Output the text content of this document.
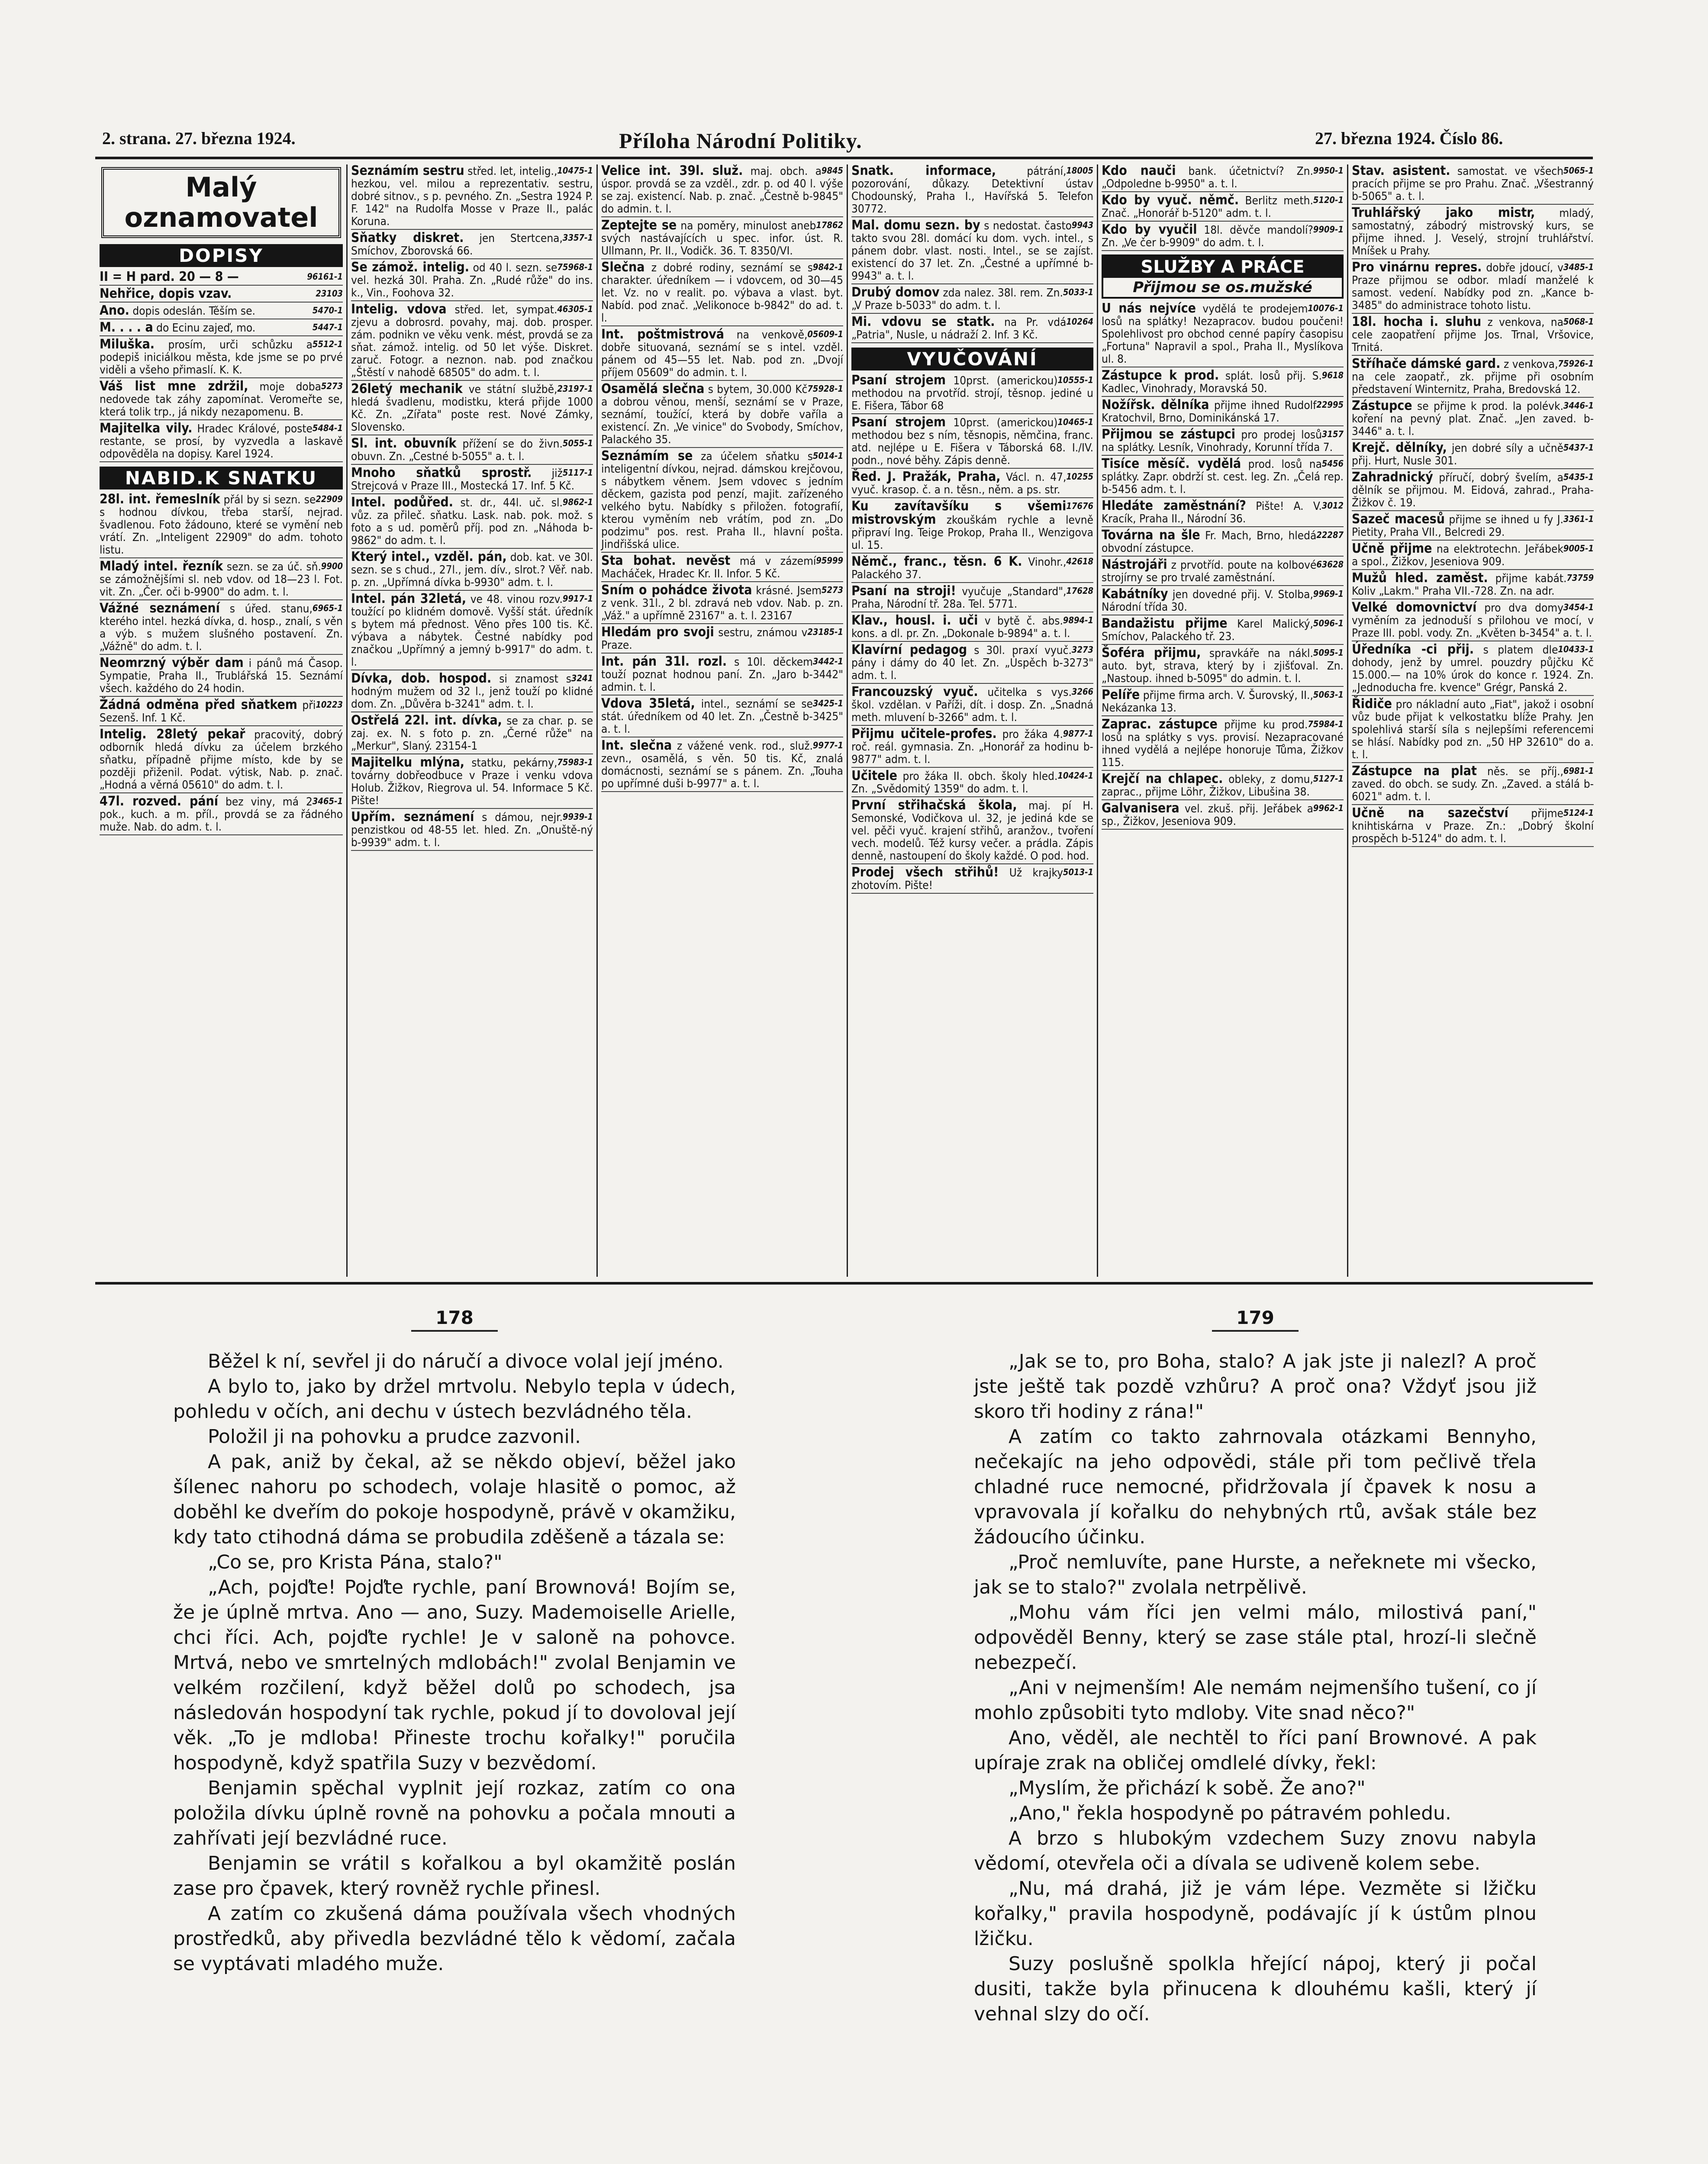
2. strana. 27. března 1924.	Příloha Národní Politiky.	27. března 1924. Číslo 86.
Malý oznamovatel
DOPISY
96161-1
II = H pard. 20 — 8 —
23103
Nehřice, dopis vzav.
5470-1
Ano. dopis odeslán. Těším se.
5447-1
M. . . . a do Ecinu zajeď, mo.
5512-1
Miluška. prosím, urči schůzku a podepiš iniciálkou města, kde jsme se po prvé viděli a všeho přimaslí. K. K.
5273
Váš list mne zdržil, moje doba nedovede tak záhy zapomínat. Veromeřte se, která tolik trp., já nikdy nezapomenu. B.
5484-1
Majitelka vily. Hradec Králové, poste restante, se prosí, by vyzvedla a laskavě odpověděla na dopisy. Karel 1924.
NABID.K SNATKU
22909
28l. int. řemeslník přál by si sezn. se s hodnou dívkou, třeba starší, nejrad. švadlenou. Foto žádouno, které se vymění neb vrátí. Zn. „Inteligent 22909" do adm. tohoto listu.
9900
Mladý intel. řezník sezn. se za úč. sň. se zámožnějšími sl. neb vdov. od 18—23 l. Fot. vit. Zn. „Čer. oči b-9900" do adm. t. l.
6965-1
Vážné seznámení s úřed. stanu, kterého intel. hezká dívka, d. hosp., znalí, s věn a výb. s mužem slušného postavení. Zn. „Vážně" do adm. t. l.
Neomrzný výběr dam i pánů má Časop. Sympatie, Praha II., Trublářská 15. Seznámí všech. každého do 24 hodin.
10223
Žádná odměna před sňatkem při Sezenš. Inf. 1 Kč.
Intelig. 28letý pekař pracovitý, dobrý odborník hledá dívku za účelem brzkého sňatku, případně přijme místo, kde by se později přiženil. Podat. výtisk, Nab. p. znač. „Hodná a věrná 05610" do adm. t. l.
3465-1
47l. rozved. pání bez viny, má 2 pok., kuch. a m. příl., provdá se za řádného muže. Nab. do adm. t. l.
10475-1
Seznámím sestru střed. let, intelig., hezkou, vel. milou a reprezentativ. sestru, dobré sitnov., s p. pevného. Zn. „Sestra 1924 P. F. 142" na Rudolfa Mosse v Praze II., palác Koruna.
3357-1
Sňatky diskret. jen Stertcena, Smíchov, Zborovská 66.
75968-1
Se zámož. intelig. od 40 l. sezn. se vel. hezká 30l. Praha. Zn. „Rudé růže" do ins. k., Vin., Foohova 32.
46305-1
Intelig. vdova střed. let, sympat. zjevu a dobrosrd. povahy, maj. dob. prosper. zám. podnikn ve věku venk. mést, provdá se za sňat. zámož. intelig. od 50 let výše. Diskret. zaruč. Fotogr. a neznon. nab. pod značkou „Štěstí v nahodě 68505" do adm. t. l.
23197-1
26letý mechanik ve státní službě, hledá švadlenu, modistku, která přijde 1000 Kč. Zn. „Zířata" poste rest. Nové Zámky, Slovensko.
5055-1
Sl. int. obuvník přížení se do živn. obuvn. Zn. „Cestné b-5055" a. t. l.
5117-1
Mnoho sňatků sprostř. již Strejcová v Praze III., Mostecká 17. Inf. 5 Kč.
9862-1
Intel. podůřed. st. dr., 44l. uč. sl. vůz. za přileč. sňatku. Lask. nab. pok. mož. s foto a s ud. poměrů příj. pod zn. „Náhoda b-9862" do adm. t. l.
Který intel., vzděl. pán, dob. kat. ve 30l. sezn. se s chud., 27l., jem. dív., slrot.? Věř. nab. p. zn. „Upřímná dívka b-9930" adm. t. l.
9917-1
Intel. pán 32letá, ve 48. vinou rozv. toužící po klidném domově. Vyšší stát. úředník s bytem má přednost. Věno přes 100 tis. Kč. výbava a nábytek. Čestné nabídky pod značkou „Upřímný a jemný b-9917" do adm. t. l.
3241
Dívka, dob. hospod. si znamost s hodným mužem od 32 l., jenž touží po klidné dom. Zn. „Důvěra b-3241" adm. t. l.
Ostřelá 22l. int. dívka, se za char. p. se zaj. ex. N. s foto p. zn. „Černé růže" na „Merkur", Slaný. 23154-1
75983-1
Majitelku mlýna, statku, pekárny, továrny dobřeodbuce v Praze i venku vdova Holub. Žižkov, Riegrova ul. 54. Informace 5 Kč. Pište!
9939-1
Upřím. seznámení s dámou, nejr. penzistkou od 48-55 let. hled. Zn. „Onuště-ný b-9939" adm. t. l.
9845
Velice int. 39l. služ. maj. obch. a úspor. provdá se za vzděl., zdr. p. od 40 l. výše se zaj. existencí. Nab. p. znač. „Čestně b-9845" do admin. t. l.
17862
Zeptejte se na poměry, minulost aneb svých nastávajících u spec. infor. úst. R. Ullmann, Pr. II., Vodičk. 36. T. 8350/VI.
9842-1
Slečna z dobré rodiny, seznámí se s charakter. úředníkem — i vdovcem, od 30—45 let. Vz. no v realit. po. výbava a vlast. byt. Nabíd. pod znač. „Velikonoce b-9842" do ad. t. l.
05609-1
Int. poštmistrová na venkově, dobře situovaná, seznámí se s intel. vzděl. pánem od 45—55 let. Nab. pod zn. „Dvojí příjem 05609" do admin. t. l.
75928-1
Osamělá slečna s bytem, 30.000 Kč a dobrou věnou, menší, seznámí se v Praze, seznámí, toužící, která by dobře vaříla a existencí. Zn. „Ve vinice" do Svobody, Smíchov, Palackého 35.
5014-1
Seznámím se za účelem sňatku s inteligentní dívkou, nejrad. dámskou krejčovou, s nábytkem věnem. Jsem vdovec s jedním děckem, gazista pod penzí, majit. zařízeného velkého bytu. Nabídky s přiložen. fotografií, kterou vyměním neb vrátím, pod zn. „Do podzimu" pos. rest. Praha II., hlavní pošta. Jindřišská ulice.
95999
Sta bohat. nevěst má v zázemí Macháček, Hradec Kr. II. Infor. 5 Kč.
5273
Sním o pohádce života krásné. Jsem z venk. 31l., 2 bl. zdravá neb vdov. Nab. p. zn. „Váž." a upřímně 23167" a. t. l. 23167
23185-1
Hledám pro svoji sestru, známou v Praze.
3442-1
Int. pán 31l. rozl. s 10l. děckem touží poznat hodnou paní. Zn. „Jaro b-3442" admin. t. l.
3425-1
Vdova 35letá, intel., seznámí se se stát. úředníkem od 40 let. Zn. „Čestně b-3425" a. t. l.
9977-1
Int. slečna z vážené venk. rod., služ. zevn., osamělá, s věn. 50 tis. Kč, znalá domácnosti, seznámí se s pánem. Zn. „Touha po upřímné duši b-9977" a. t. l.
18005
Snatk. informace,	pátrání, pozorování, důkazy. Detektivní ústav Chodounský, Praha I., Havířská 5. Telefon 30772.
9943
Mal. domu sezn. by s nedostat. často takto svou 28l. domácí ku dom. vych. intel., s pánem dobr. vlast. nosti. Intel., se se zajíst. existencí do 37 let. Zn. „Čestné a upřímné b-9943" a. t. l.
5033-1
Drubý domov zda nalez. 38l. rem. Zn. „V Praze b-5033" do adm. t. l.
10264
Mi. vdovu se statk. na Pr. vdá „Patria", Nusle, u nádraží 2. Inf. 3 Kč.
VYUČOVÁNÍ
10555-1
Psaní strojem 10prst. (americkou) methodou na prvotříd. strojí, těsnop. jediné u E. Fišera, Tábor 68
10465-1
Psaní strojem 10prst. (americkou) methodou bez s ním, těsnopis, němčina, franc. atd. nejlépe u E. Fišera v Táborská 68. I./IV. podn., nové běhy. Zápis denně.
10255
Řed. J. Pražák, Praha, Václ. n. 47, vyuč. krasop. č. a n. těsn., něm. a ps. str.
17676
Ku zavítavšíku s všemi mistrovským zkouškám rychle a levně připraví Ing. Teige Prokop, Praha II., Wenzigova ul. 15.
42618
Němč., franc., těsn. 6 K. Vinohr., Palackého 37.
17628
Psaní na stroji! vyučuje „Standard", Praha, Národní tř. 28a. Tel. 5771.
9894-1
Klav., housl. i. uči v bytě č. abs. kons. a dl. pr. Zn. „Dokonale b-9894" a. t. l.
3273
Klavírní pedagog s 30l. praxí vyuč. pány i dámy do 40 let. Zn. „Úspěch b-3273" adm. t. l.
3266
Francouzský vyuč. učitelka s vys. škol. vzdělan. v Paříži, dít. i dosp. Zn. „Snadná meth. mluvení b-3266" adm. t. l.
9877-1
Přijmu učitele-profes. pro žáka 4. roč. reál. gymnasia. Zn. „Honorář za hodinu b-9877" adm. t. l.
10424-1
Učitele pro žáka II. obch. školy hled. Zn. „Svědomitý 1359" do adm. t. l.
První střihačská škola, maj. pí H. Semonské, Vodičkova ul. 32, je jediná kde se vel. pěči vyuč. krajení střihů, aranžov., tvoření vech. modelů. Též kursy večer. a prádla. Zápis denně, nastoupení do školy každé. O pod. hod.
5013-1
Prodej všech střihů! Už krajky zhotovím. Pište!
9950-1
Kdo nauči bank. účetnictví? Zn. „Odpoledne b-9950" a. t. l.
5120-1
Kdo by vyuč. němč. Berlitz meth. Znač. „Honorář b-5120" adm. t. l.
9909-1
Kdo by vyučil 18l. děvče mandolí? Zn. „Ve čer b-9909" do adm. t. l.
SLUŽBY A PRÁCE
Přijmou se os.mužské
10076-1
U nás nejvíce vydělá te prodejem losů na splátky! Nezapracov. budou poučeni! Spolehlivost pro obchod cenné papíry časopisu „Fortuna" Napravil a spol., Praha II., Myslíkova ul. 8.
9618
Zástupce k prod. splát. losů přij. S. Kadlec, Vinohrady, Moravská 50.
22995
Nožířsk. dělníka přijme ihned Rudolf Kratochvil, Brno, Dominikánská 17.
3157
Přijmou se zástupci pro prodej losů na splátky. Lesník, Vinohrady, Korunní třída 7.
5456
Tisíce měsíč. vydělá prod. losů na splátky. Zapr. obdrží st. cest. leg. Zn. „Čelá rep. b-5456 adm. t. l.
3012
Hledáte zaměstnání? Pište! A. V. Kracík, Praha II., Národní 36.
22287
Továrna na šle Fr. Mach, Brno, hledá obvodní zástupce.
63628
Nástrojáři z prvotříd. poute na kolbové strojírny se pro trvalé zaměstnání.
9969-1
Kabátníky jen dovedné přij. V. Stolba, Národní třída 30.
5096-1
Bandažistu přijme Karel Malický, Smíchov, Palackého tř. 23.
5095-1
Šoféra přijmu, spravkáře na nákl. auto. byt, strava, který by i zjišťoval. Zn. „Nastoup. ihned b-5095" do admin. t. l.
5063-1
Pelíře přijme firma arch. V. Šurovský, II., Nekázanka 13.
75984-1
Zaprac. zástupce přijme ku prod. losů na splátky s vys. provisí. Nezapracované ihned vydělá a nejlépe honoruje Tůma, Žižkov 115.
5127-1
Krejčí na chlapec. obleky, z domu, zaprac., přijme Löhr, Žižkov, Libušina 38.
9962-1
Galvanisera vel. zkuš. přij. Jeřábek a sp., Žižkov, Jeseniova 909.
5065-1
Stav. asistent. samostat. ve všech pracích přijme se pro Prahu. Znač. „Všestranný b-5065" a. t. l.
Truhlářský jako mistr, mladý, samostatný, zábodrý mistrovský kurs, se přijme ihned. J. Veselý, strojní truhlářství. Mníšek u Prahy.
3485-1
Pro vinárnu repres. dobře jdoucí, v Praze přijmou se odbor. mladí manželé k samost. vedení. Nabídky pod zn. „Kance b-3485" do administrace tohoto listu.
5068-1
18l. hocha i. sluhu z venkova, na cele zaopatření přijme Jos. Trnal, Vršovice, Trnitá.
75926-1
Stříhače dámské gard. z venkova, na cele zaopatř., zk. přijme při osobním představení Winternitz, Praha, Bredovská 12.
3446-1
Zástupce se přijme k prod. la polévk. koření na pevný plat. Znač. „Jen zaved. b-3446" a. t. l.
5437-1
Krejč. dělníky, jen dobré síly a učně přij. Hurt, Nusle 301.
5435-1
Zahradnický příručí, dobrý švelím, a dělník se přijmou. M. Eidová, zahrad., Praha-Žižkov č. 19.
3361-1
Sazeč macesů přijme se ihned u fy J. Pietity, Praha VII., Belcredi 29.
9005-1
Učně přijme na elektrotechn. Jeřábek a spol., Žižkov, Jeseniova 909.
73759
Mužů hled. zaměst. přijme kabát. Koliv „Lakm." Praha VII.-728. Zn. na adr.
3454-1
Velké domovnictví pro dva domy vyměním za jednoduší s přilohou ve mocí, v Praze III. pobl. vody. Zn. „Květen b-3454" a. t. l.
10433-1
Úředníka -ci přij. s platem dle dohody, jenž by umrel. pouzdry půjčku Kč 15.000.— na 10% úrok do konce r. 1924. Zn. „Jednoducha fre. kvence" Grégr, Panská 2.
Řidiče pro nákladní auto „Fiat", jakož i osobní vůz bude přijat k velkostatku blíže Prahy. Jen spolehlivá starší síla s nejlepšími referencemi se hlásí. Nabídky pod zn. „50 HP 32610" do a. t. l.
6981-1
Zástupce na plat něs. se příj., zaved. do obch. se sudy. Zn. „Zaved. a stálá b-6021" adm. t. l.
5124-1
Učně na sazečství přijme knihtiskárna v Praze. Zn.: „Dobrý školní prospěch b-5124" do adm. t. l.
178

Běžel k ní, sevřel ji do náručí a divoce volal její jméno.

A bylo to, jako by držel mrtvolu. Nebylo tepla v údech, pohledu v očích, ani dechu v ústech bezvládného těla.

Položil ji na pohovku a prudce zazvonil.

A pak, aniž by čekal, až se někdo objeví, běžel jako šílenec nahoru po schodech, volaje hlasitě o pomoc, až doběhl ke dveřím do pokoje hospodyně, právě v okamžiku, kdy tato ctihodná dáma se probudila zděšeně a tázala se:

„Co se, pro Krista Pána, stalo?"

„Ach, pojďte! Pojďte rychle, paní Brownová! Bojím se, že je úplně mrtva. Ano — ano, Suzy. Mademoiselle Arielle, chci říci. Ach, pojďte rychle! Je v saloně na pohovce. Mrtvá, nebo ve smrtelných mdlobách!" zvolal Benjamin ve velkém rozčilení, když běžel dolů po schodech, jsa následován hospodyní tak rychle, pokud jí to dovoloval její věk. „To je mdloba! Přineste trochu kořalky!" poručila hospodyně, když spatřila Suzy v bezvědomí.

Benjamin spěchal vyplnit její rozkaz, zatím co ona položila dívku úplně rovně na pohovku a počala mnouti a zahřívati její bezvládné ruce.

Benjamin se vrátil s kořalkou a byl okamžitě poslán zase pro čpavek, který rovněž rychle přinesl.

A zatím co zkušená dáma používala všech vhodných prostředků, aby přivedla bezvládné tělo k vědomí, začala se vyptávati mladého muže.

179

„Jak se to, pro Boha, stalo? A jak jste ji nalezl? A proč jste ještě tak pozdě vzhůru? A proč ona? Vždyť jsou již skoro tři hodiny z rána!"

A zatím co takto zahrnovala otázkami Bennyho, nečekajíc na jeho odpovědi, stále při tom pečlivě třela chladné ruce nemocné, přidržovala jí čpavek k nosu a vpravovala jí kořalku do nehybných rtů, avšak stále bez žádoucího účinku.

„Proč nemluvíte, pane Hurste, a neřeknete mi všecko, jak se to stalo?" zvolala netrpělivě.

„Mohu vám říci jen velmi málo, milostivá paní," odpověděl Benny, který se zase stále ptal, hrozí-li slečně nebezpečí.

„Ani v nejmenším! Ale nemám nejmenšího tušení, co jí mohlo způsobiti tyto mdloby. Vite snad něco?"

Ano, věděl, ale nechtěl to říci paní Brownové. A pak upíraje zrak na obličej omdlelé dívky, řekl:

„Myslím, že přichází k sobě. Že ano?"

„Ano," řekla hospodyně po pátravém pohledu.

A brzo s hlubokým vzdechem Suzy znovu nabyla vědomí, otevřela oči a dívala se udiveně kolem sebe.

„Nu, má drahá, již je vám lépe. Vezměte si lžičku kořalky," pravila hospodyně, podávajíc jí k ústům plnou lžičku.

Suzy poslušně spolkla hřející nápoj, který ji počal dusiti, takže byla přinucena k dlouhému kašli, který jí vehnal slzy do očí.
